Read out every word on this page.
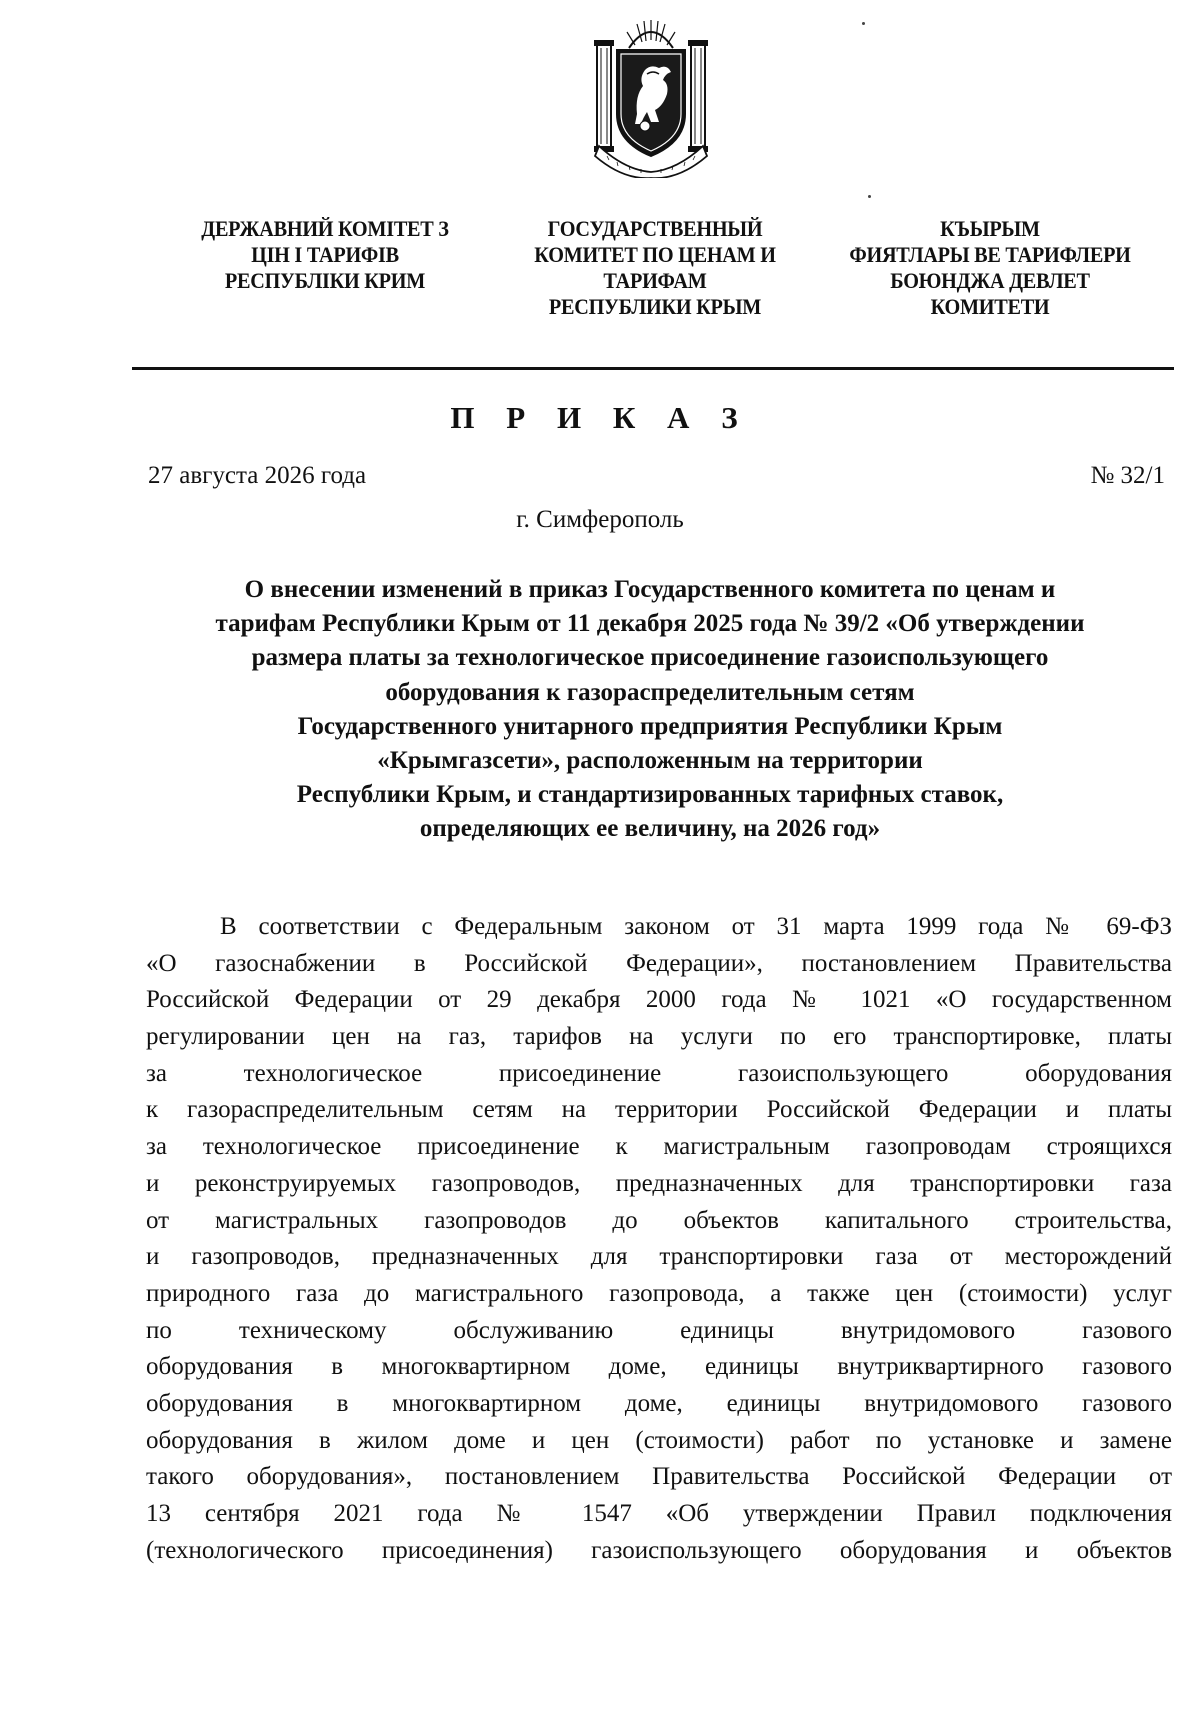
ДЕРЖАВНИЙ КОМІТЕТ З
ЦІН І ТАРИФІВ
РЕСПУБЛІКИ КРИМ
ГОСУДАРСТВЕННЫЙ
КОМИТЕТ ПО ЦЕНАМ И
ТАРИФАМ
РЕСПУБЛИКИ КРЫМ
КЪЫРЫМ
ФИЯТЛАРЫ ВЕ ТАРИФЛЕРИ
БОЮНДЖА ДЕВЛЕТ
КОМИТЕТИ
П Р И К А З
27 августа 2026 года	№ 32/1
г. Симферополь
О внесении изменений в приказ Государственного комитета по ценам и
тарифам Республики Крым от 11 декабря 2025 года № 39/2 «Об утверждении
размера платы за технологическое присоединение газоиспользующего
оборудования к газораспределительным сетям
Государственного унитарного предприятия Республики Крым
«Крымгазсети», расположенным на территории
Республики Крым, и стандартизированных тарифных ставок,
определяющих ее величину, на 2026 год»
В соответствии с Федеральным законом от 31 марта 1999 года № 69-ФЗ
«О газоснабжении в Российской Федерации», постановлением Правительства
Российской Федерации от 29 декабря 2000 года № 1021 «О государственном
регулировании цен на газ, тарифов на услуги по его транспортировке, платы
за технологическое присоединение газоиспользующего оборудования
к газораспределительным сетям на территории Российской Федерации и платы
за технологическое присоединение к магистральным газопроводам строящихся
и реконструируемых газопроводов, предназначенных для транспортировки газа
от магистральных газопроводов до объектов капитального строительства,
и газопроводов, предназначенных для транспортировки газа от месторождений
природного газа до магистрального газопровода, а также цен (стоимости) услуг
по техническому обслуживанию единицы внутридомового газового
оборудования в многоквартирном доме, единицы внутриквартирного газового
оборудования в многоквартирном доме, единицы внутридомового газового
оборудования в жилом доме и цен (стоимости) работ по установке и замене
такого оборудования», постановлением Правительства Российской Федерации от
13 сентября 2021 года № 1547 «Об утверждении Правил подключения
(технологического присоединения) газоиспользующего оборудования и объектов
